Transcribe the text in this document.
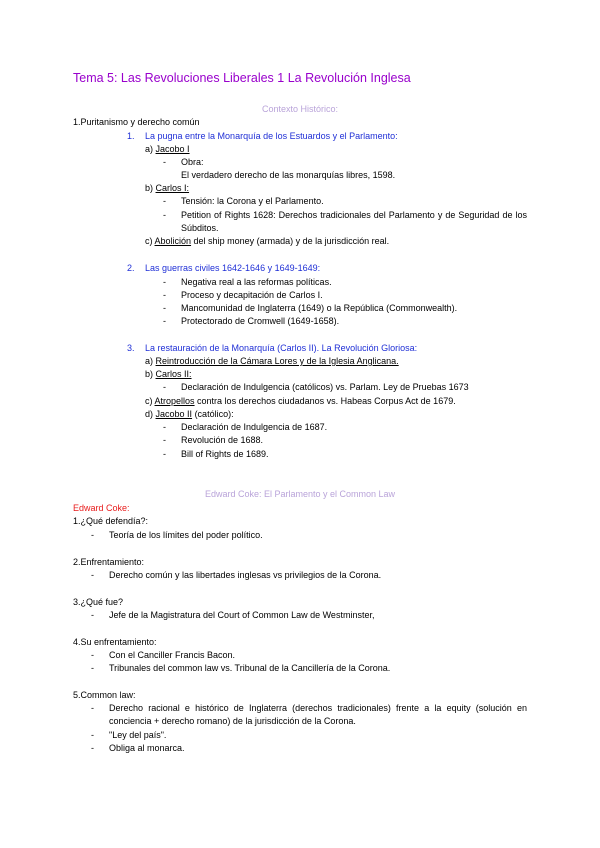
Tema 5: Las Revoluciones Liberales 1 La Revolución Inglesa
Contexto Histórico:
1.Puritanismo y derecho común
1. La pugna entre la Monarquía de los Estuardos y el Parlamento:
a) Jacobo I
-
Obra:
El verdadero derecho de las monarquías libres, 1598.
b) Carlos I:
-
Tensión: la Corona y el Parlamento.
-
Petition of Rights 1628: Derechos tradicionales del Parlamento y de Seguridad de los Súbditos.
c) Abolición del ship money (armada) y de la jurisdicción real.
2. Las guerras civiles 1642-1646 y 1649-1649:
-
Negativa real a las reformas políticas.
-
Proceso y decapitación de Carlos I.
-
Mancomunidad de Inglaterra (1649) o la República (Commonwealth).
-
Protectorado de Cromwell (1649-1658).
3. La restauración de la Monarquía (Carlos II). La Revolución Gloriosa:
a) Reintroducción de la Cámara Lores y de la Iglesia Anglicana.
b) Carlos II:
-
Declaración de Indulgencia (católicos) vs. Parlam. Ley de Pruebas 1673
c) Atropellos contra los derechos ciudadanos vs. Habeas Corpus Act de 1679.
d) Jacobo II (católico):
-
Declaración de Indulgencia de 1687.
-
Revolución de 1688.
-
Bill of Rights de 1689.
Edward Coke: El Parlamento y el Common Law
Edward Coke:
1.¿Qué defendía?:
-
Teoría de los límites del poder político.
2.Enfrentamiento:
-
Derecho común y las libertades inglesas vs privilegios de la Corona.
3.¿Qué fue?
-
Jefe de la Magistratura del Court of Common Law de Westminster,
4.Su enfrentamiento:
-
Con el Canciller Francis Bacon.
-
Tribunales del common law vs. Tribunal de la Cancillería de la Corona.
5.Common law:
-
Derecho racional e histórico de Inglaterra (derechos tradicionales) frente a la equity (solución en conciencia + derecho romano) de la jurisdicción de la Corona.
-
"Ley del país".
-
Obliga al monarca.
